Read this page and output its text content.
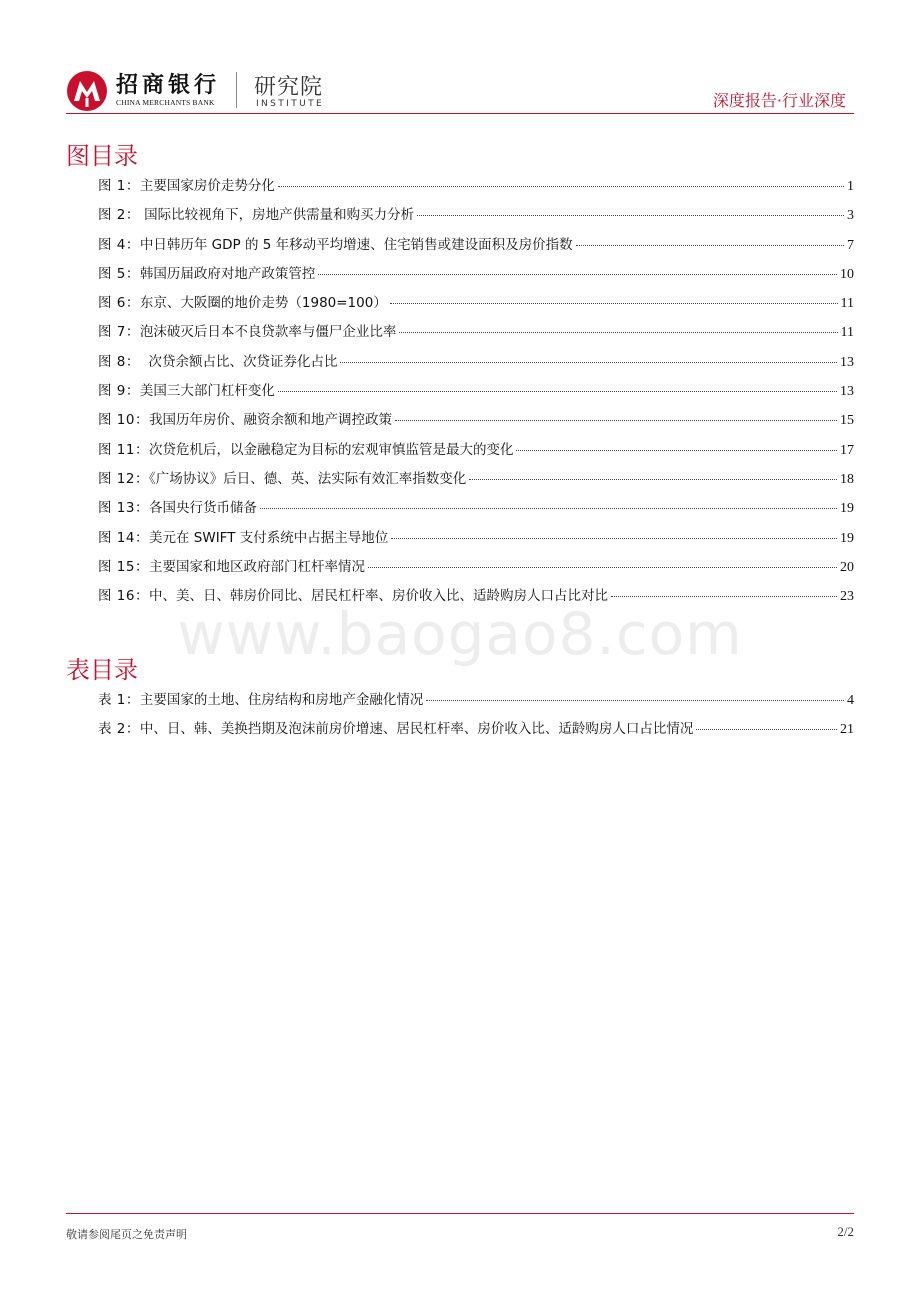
招商银行
CHINA MERCHANTS BANK
研究院
INSTITUTE	深度报告·行业深度
图目录
图 1：主要国家房价走势分化	1
图 2： 国际比较视角下，房地产供需量和购买力分析	3
图 4：中日韩历年 GDP 的 5 年移动平均增速、住宅销售或建设面积及房价指数	7
图 5：韩国历届政府对地产政策管控	10
图 6：东京、大阪圈的地价走势（1980=100）	11
图 7：泡沫破灭后日本不良贷款率与僵尸企业比率	11
图 8：  次贷余额占比、次贷证券化占比	13
图 9：美国三大部门杠杆变化	13
图 10：我国历年房价、融资余额和地产调控政策	15
图 11：次贷危机后，以金融稳定为目标的宏观审慎监管是最大的变化	17
图 12：《广场协议》后日、德、英、法实际有效汇率指数变化	18
图 13：各国央行货币储备	19
图 14：美元在 SWIFT 支付系统中占据主导地位	19
图 15：主要国家和地区政府部门杠杆率情况	20
图 16：中、美、日、韩房价同比、居民杠杆率、房价收入比、适龄购房人口占比对比	23
www.baogao8.com
表目录
表 1：主要国家的土地、住房结构和房地产金融化情况	4
表 2：中、日、韩、美换挡期及泡沫前房价增速、居民杠杆率、房价收入比、适龄购房人口占比情况	21
敬请参阅尾页之免责声明	2/2
